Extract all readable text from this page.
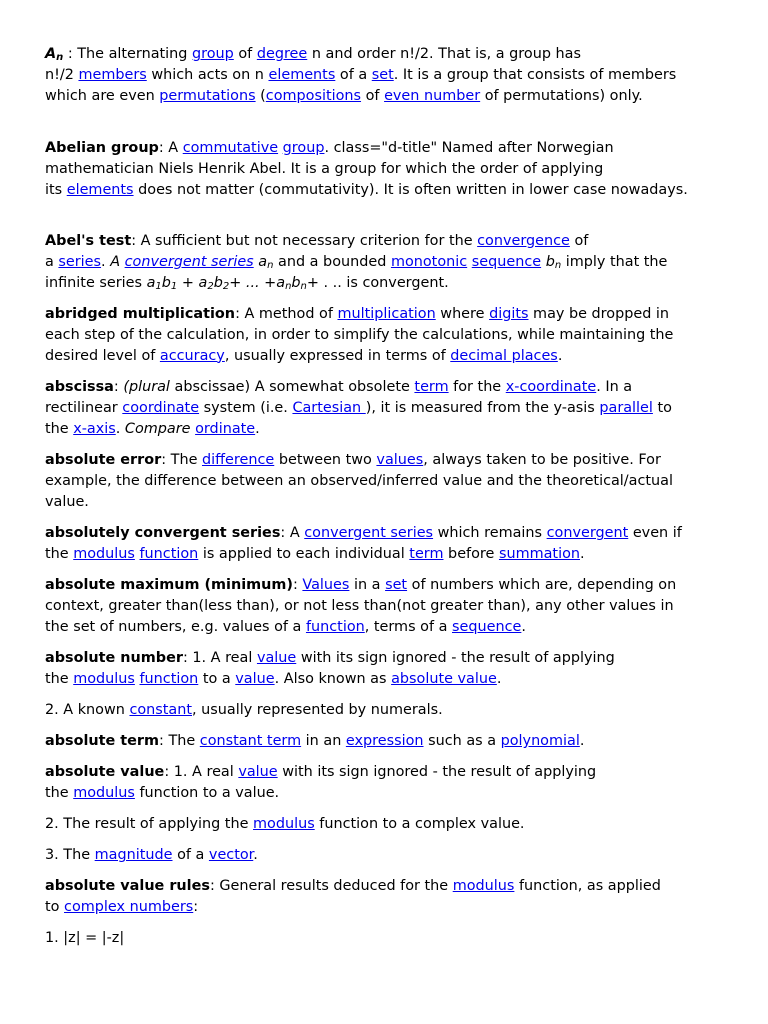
An : The alternating group of degree n and order n!/2. That is, a group has
n!/2 members which acts on n elements of a set. It is a group that consists of members
which are even permutations (compositions of even number of permutations) only.

Abelian group: A commutative group. class="d-title" Named after Norwegian
mathematician Niels Henrik Abel. It is a group for which the order of applying
its elements does not matter (commutativity). It is often written in lower case nowadays.

Abel's test: A sufficient but not necessary criterion for the convergence of
a series. A convergent series an and a bounded monotonic sequence bn imply that the
infinite series a1b1 + a2b2+ ... +anbn+ . .. is convergent.

abridged multiplication: A method of multiplication where digits may be dropped in
each step of the calculation, in order to simplify the calculations, while maintaining the
desired level of accuracy, usually expressed in terms of decimal places.

abscissa: (plural abscissae) A somewhat obsolete term for the x-coordinate. In a
rectilinear coordinate system (i.e. Cartesian ), it is measured from the y-asis parallel to
the x-axis. Compare ordinate.

absolute error: The difference between two values, always taken to be positive. For
example, the difference between an observed/inferred value and the theoretical/actual
value.

absolutely convergent series: A convergent series which remains convergent even if
the modulus function is applied to each individual term before summation.

absolute maximum (minimum): Values in a set of numbers which are, depending on
context, greater than(less than), or not less than(not greater than), any other values in
the set of numbers, e.g. values of a function, terms of a sequence.

absolute number: 1. A real value with its sign ignored - the result of applying
the modulus function to a value. Also known as absolute value.

2. A known constant, usually represented by numerals.

absolute term: The constant term in an expression such as a polynomial.

absolute value: 1. A real value with its sign ignored - the result of applying
the modulus function to a value.

2. The result of applying the modulus function to a complex value.

3. The magnitude of a vector.

absolute value rules: General results deduced for the modulus function, as applied
to complex numbers:

1. |z| = |-z|
